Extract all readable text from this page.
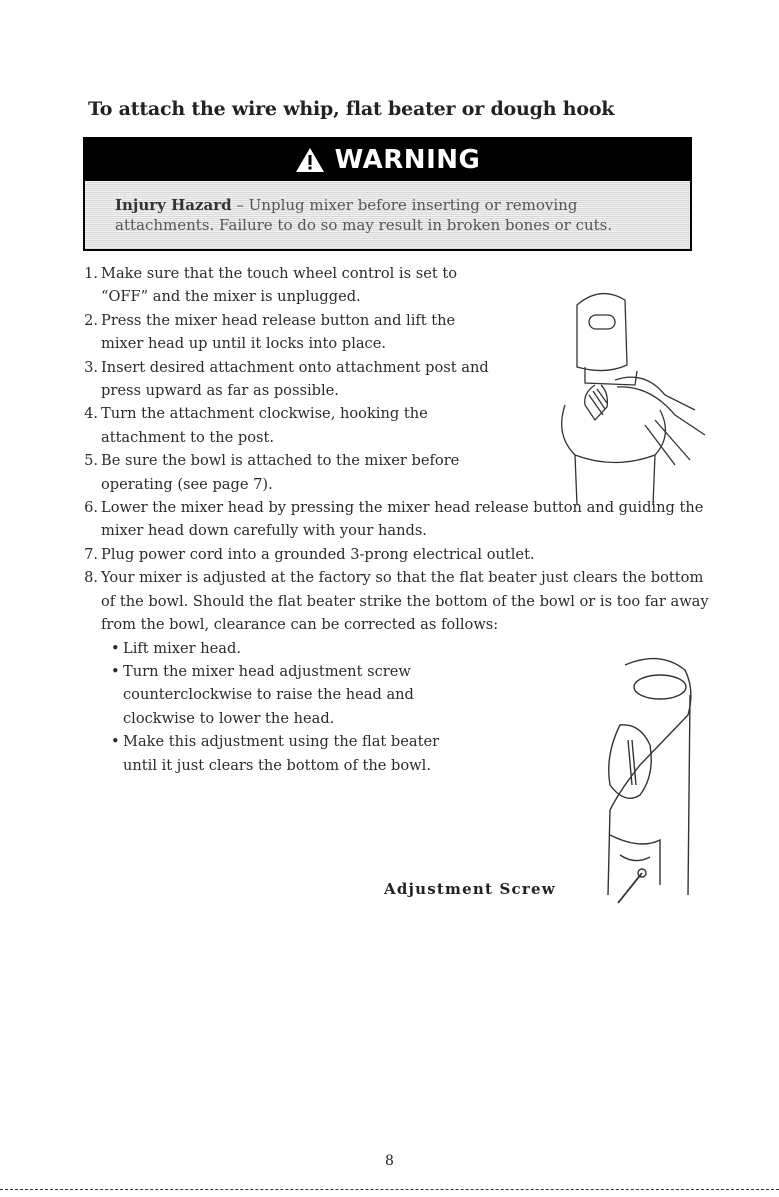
To attach the wire whip, flat beater or dough hook
WARNING
Injury Hazard – Unplug mixer before inserting or removing attachments. Failure to do so may result in broken bones or cuts.
1. Make sure that the touch wheel control is set to “OFF” and the mixer is unplugged.
2. Press the mixer head release button and lift the mixer head up until it locks into place.
3. Insert desired attachment onto attachment post and press upward as far as possible.
4. Turn the attachment clockwise, hooking the attachment to the post.
5. Be sure the bowl is attached to the mixer before operating (see page 7).
6. Lower the mixer head by pressing the mixer head release button and guiding the mixer head down carefully with your hands.
7. Plug power cord into a grounded 3-prong electrical outlet.
8. Your mixer is adjusted at the factory so that the flat beater just clears the bottom of the bowl. Should the flat beater strike the bottom of the bowl or is too far away from the bowl, clearance can be corrected as follows:
• Lift mixer head.
• Turn the mixer head adjustment screw counterclockwise to raise the head and clockwise to lower the head.
• Make this adjustment using the flat beater until it just clears the bottom of the bowl.
Adjustment Screw
8
